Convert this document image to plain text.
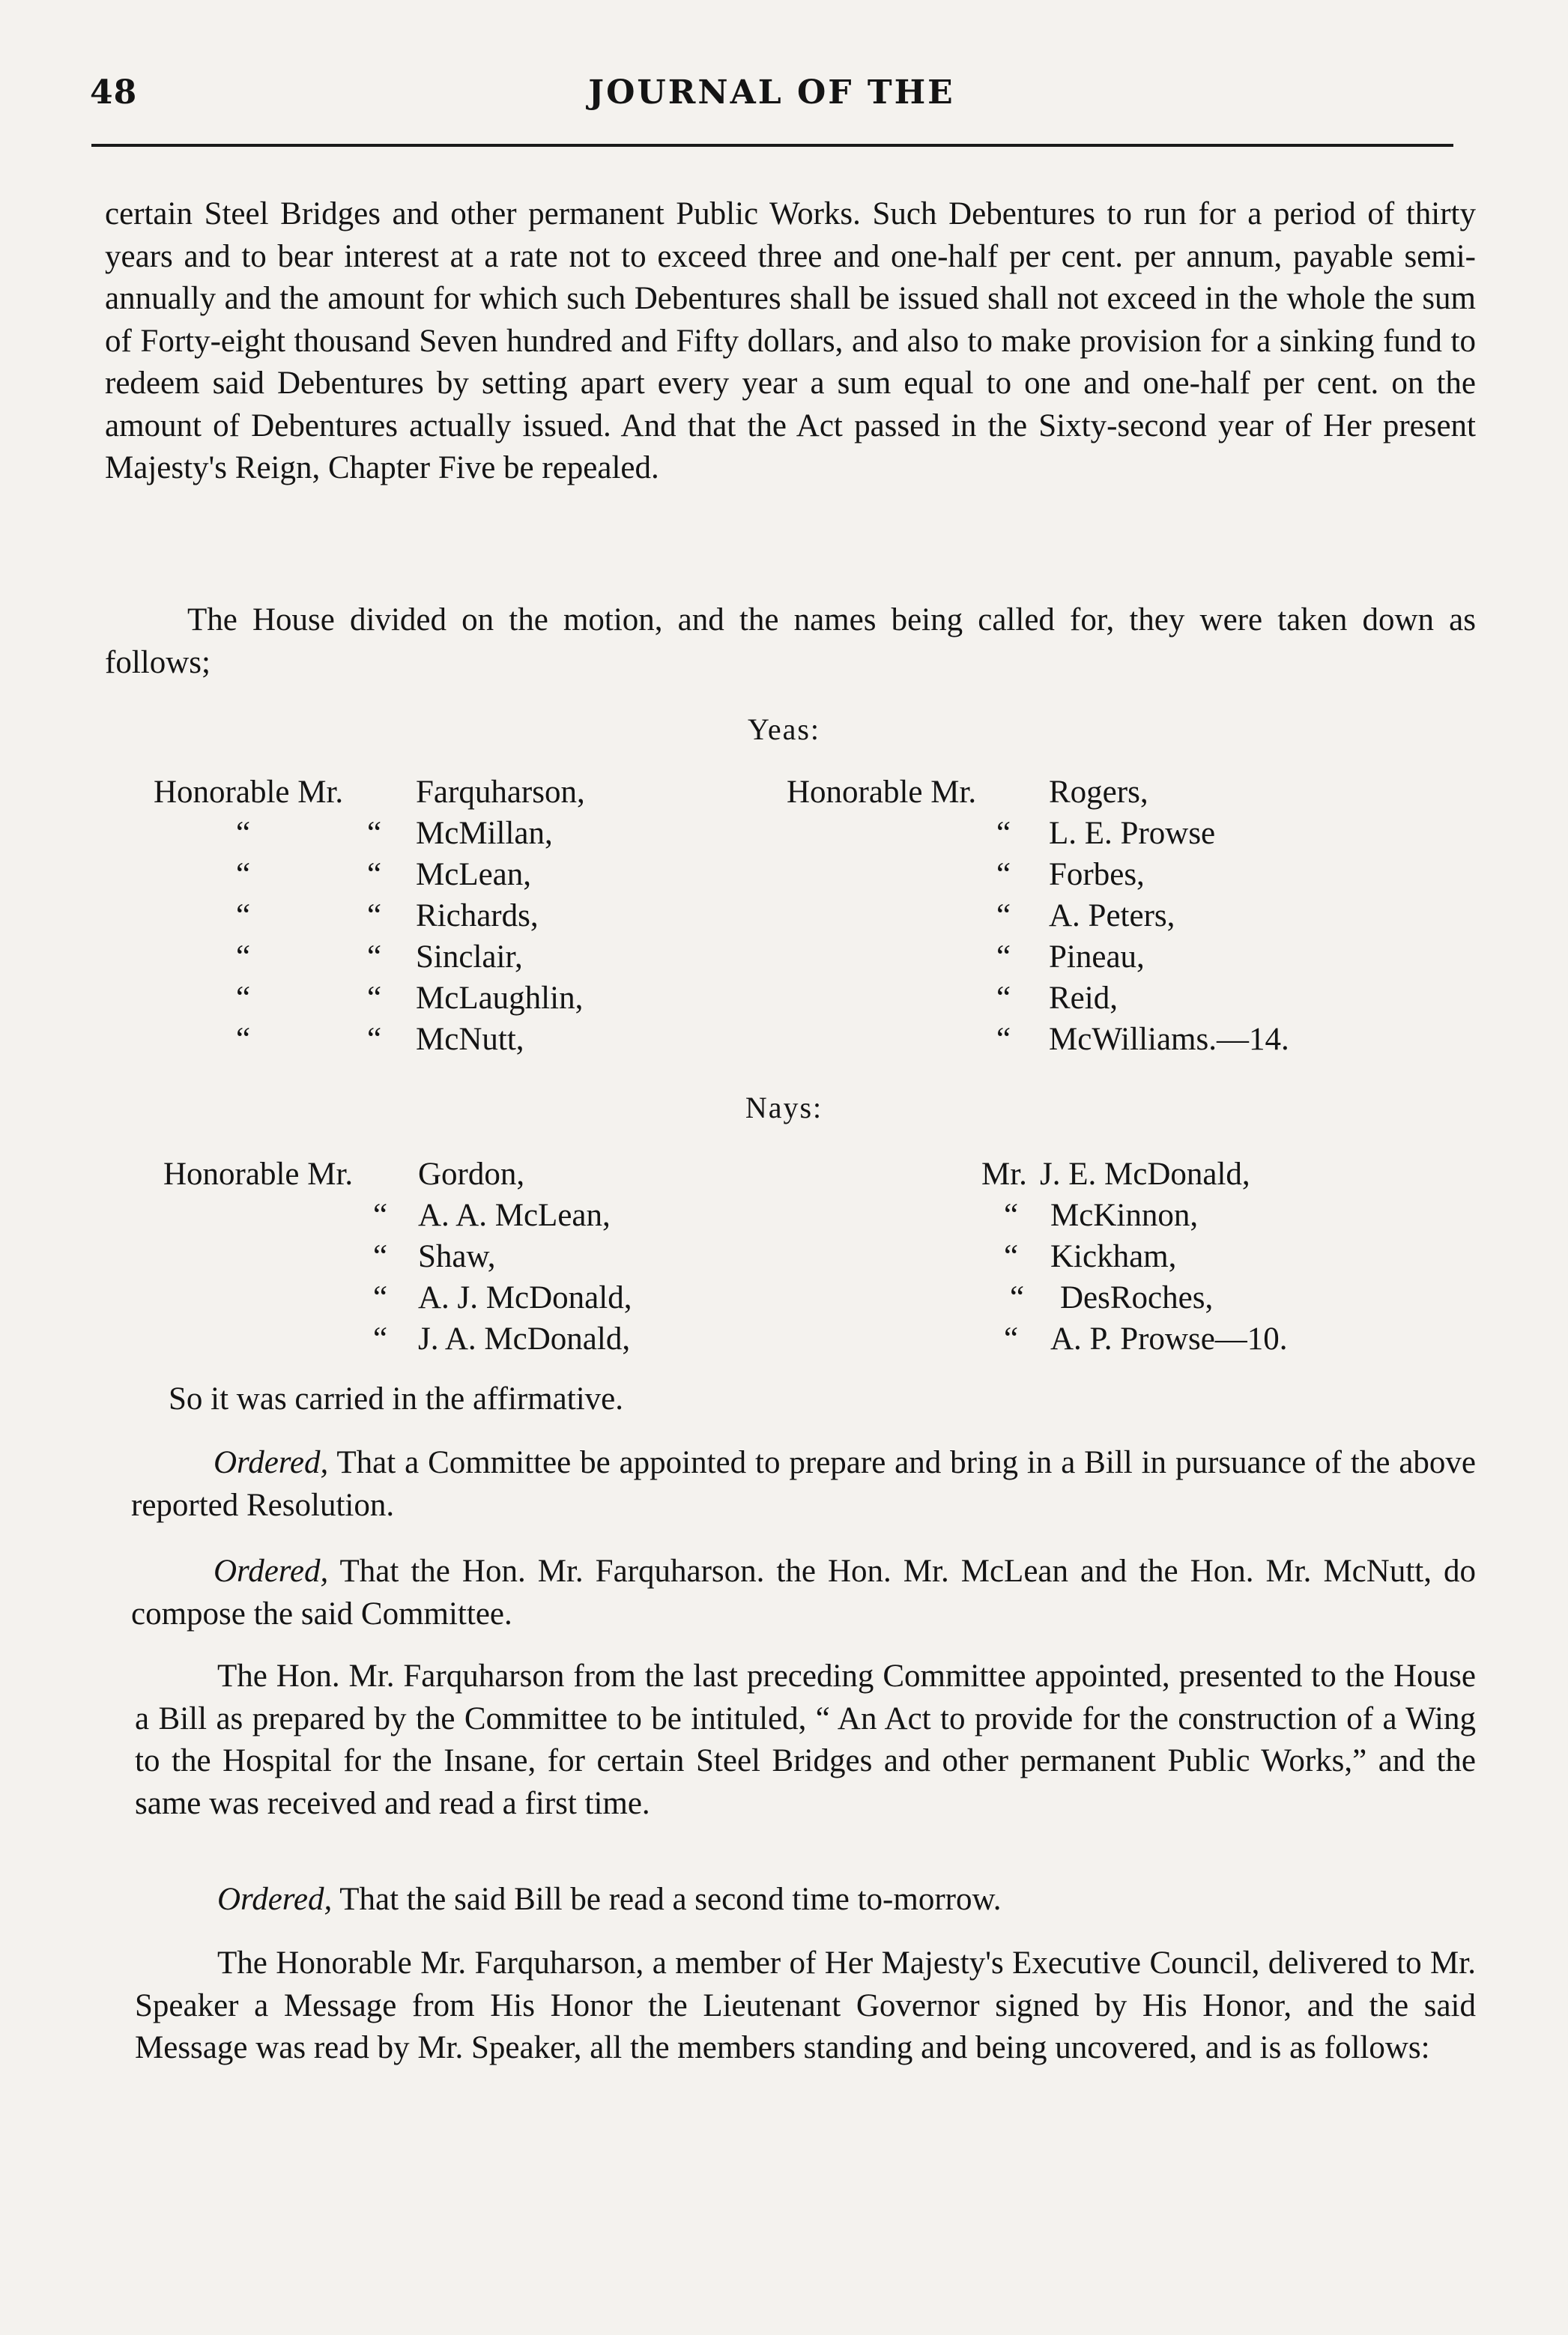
48	JOURNAL OF THE

certain Steel Bridges and other permanent Public Works. Such Debentures to run for a period of thirty years and to bear interest at a rate not to exceed three and one-half per cent. per annum, payable semi-annually and the amount for which such Debentures shall be issued shall not exceed in the whole the sum of Forty-eight thousand Seven hundred and Fifty dollars, and also to make provision for a sinking fund to redeem said Debentures by setting apart every year a sum equal to one and one-half per cent. on the amount of Debentures actually issued. And that the Act passed in the Sixty-second year of Her present Majesty's Reign, Chapter Five be repealed.

The House divided on the motion, and the names being called for, they were taken down as follows;

Yeas:
Honorable Mr. Farquharson,
“	“ McMillan,
“	“ McLean,
“	“ Richards,
“	“ Sinclair,
“	“ McLaughlin,
“	“ McNutt,
Honorable Mr. Rogers,
“ L. E. Prowse
“ Forbes,
“ A. Peters,
“ Pineau,
“ Reid,
“ McWilliams.—14.
Nays:
Honorable Mr. Gordon,
“ A. A. McLean,
“ Shaw,
“ A. J. McDonald,
“ J. A. McDonald,
Mr. J. E. McDonald,
“ McKinnon,
“ Kickham,
“ DesRoches,
“ A. P. Prowse—10.

So it was carried in the affirmative.

Ordered, That a Committee be appointed to prepare and bring in a Bill in pursuance of the above reported Resolution.

Ordered, That the Hon. Mr. Farquharson. the Hon. Mr. McLean and the Hon. Mr. McNutt, do compose the said Committee.

The Hon. Mr. Farquharson from the last preceding Committee appointed, presented to the House a Bill as prepared by the Committee to be intituled, “ An Act to provide for the construction of a Wing to the Hospital for the Insane, for certain Steel Bridges and other permanent Public Works,” and the same was received and read a first time.

Ordered, That the said Bill be read a second time to-morrow.

The Honorable Mr. Farquharson, a member of Her Majesty's Executive Council, delivered to Mr. Speaker a Message from His Honor the Lieutenant Governor signed by His Honor, and the said Message was read by Mr. Speaker, all the members standing and being uncovered, and is as follows:
